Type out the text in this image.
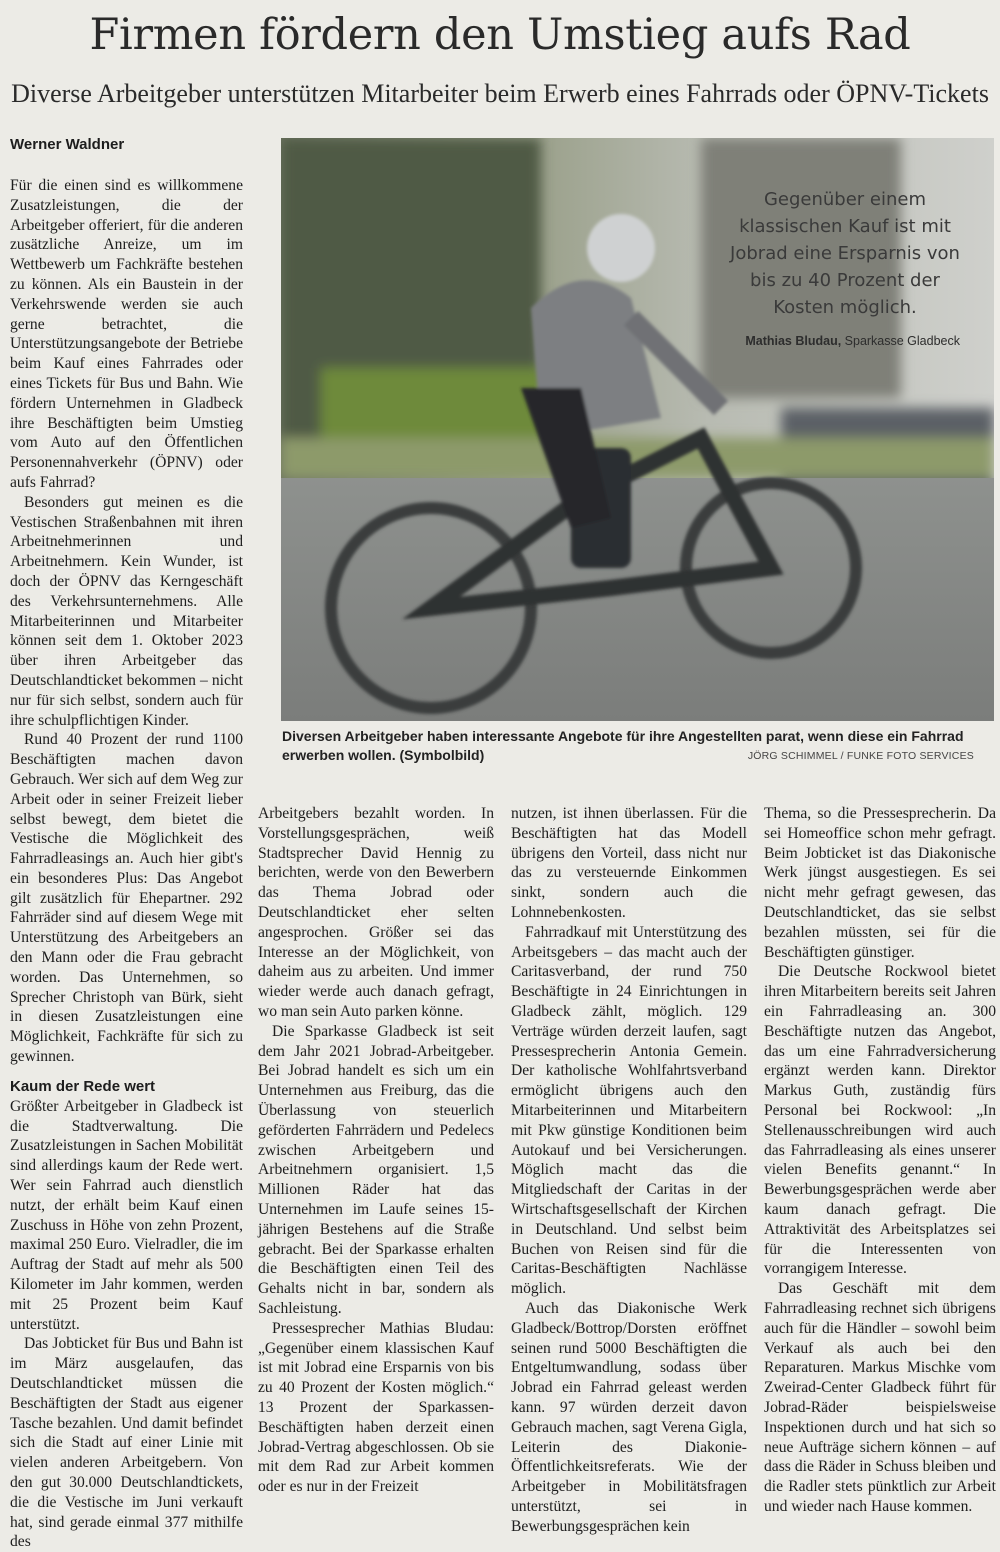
Firmen fördern den Umstieg aufs Rad
Diverse Arbeitgeber unterstützen Mitarbeiter beim Erwerb eines Fahrrads oder ÖPNV-Tickets
Werner Waldner

Für die einen sind es willkommene Zusatzleistungen, die der Arbeitgeber offeriert, für die anderen zusätzliche Anreize, um im Wettbewerb um Fachkräfte bestehen zu können. Als ein Baustein in der Verkehrswende werden sie auch gerne betrachtet, die Unterstützungsangebote der Betriebe beim Kauf eines Fahrrades oder eines Tickets für Bus und Bahn. Wie fördern Unternehmen in Gladbeck ihre Beschäftigten beim Umstieg vom Auto auf den Öffentlichen Personennahverkehr (ÖPNV) oder aufs Fahrrad?

Besonders gut meinen es die Vestischen Straßenbahnen mit ihren Arbeitnehmerinnen und Arbeitnehmern. Kein Wunder, ist doch der ÖPNV das Kerngeschäft des Verkehrsunternehmens. Alle Mitarbeiterinnen und Mitarbeiter können seit dem 1. Oktober 2023 über ihren Arbeitgeber das Deutschlandticket bekommen – nicht nur für sich selbst, sondern auch für ihre schulpflichtigen Kinder.

Rund 40 Prozent der rund 1100 Beschäftigten machen davon Gebrauch. Wer sich auf dem Weg zur Arbeit oder in seiner Freizeit lieber selbst bewegt, dem bietet die Vestische die Möglichkeit des Fahrradleasings an. Auch hier gibt's ein besonderes Plus: Das Angebot gilt zusätzlich für Ehepartner. 292 Fahrräder sind auf diesem Wege mit Unterstützung des Arbeitgebers an den Mann oder die Frau gebracht worden. Das Unternehmen, so Sprecher Christoph van Bürk, sieht in diesen Zusatzleistungen eine Möglichkeit, Fachkräfte für sich zu gewinnen.

Kaum der Rede wert

Größter Arbeitgeber in Gladbeck ist die Stadtverwaltung. Die Zusatzleistungen in Sachen Mobilität sind allerdings kaum der Rede wert. Wer sein Fahrrad auch dienstlich nutzt, der erhält beim Kauf einen Zuschuss in Höhe von zehn Prozent, maximal 250 Euro. Vielradler, die im Auftrag der Stadt auf mehr als 500 Kilometer im Jahr kommen, werden mit 25 Prozent beim Kauf unterstützt.

Das Jobticket für Bus und Bahn ist im März ausgelaufen, das Deutschlandticket müssen die Beschäftigten der Stadt aus eigener Tasche bezahlen. Und damit befindet sich die Stadt auf einer Linie mit vielen anderen Arbeitgebern. Von den gut 30.000 Deutschlandtickets, die die Vestische im Juni verkauft hat, sind gerade einmal 377 mithilfe des

Gegenüber einem klassischen Kauf ist mit Jobrad eine Ersparnis von bis zu 40 Prozent der Kosten möglich.
Mathias Bludau, Sparkasse Gladbeck
Diversen Arbeitgeber haben interessante Angebote für ihre Angestellten parat, wenn diese ein Fahrrad erwerben wollen. (Symbolbild)	JÖRG SCHIMMEL / FUNKE FOTO SERVICES

Arbeitgebers bezahlt worden. In Vorstellungsgesprächen, weiß Stadtsprecher David Hennig zu berichten, werde von den Bewerbern das Thema Jobrad oder Deutschlandticket eher selten angesprochen. Größer sei das Interesse an der Möglichkeit, von daheim aus zu arbeiten. Und immer wieder werde auch danach gefragt, wo man sein Auto parken könne.

Die Sparkasse Gladbeck ist seit dem Jahr 2021 Jobrad-Arbeitgeber. Bei Jobrad handelt es sich um ein Unternehmen aus Freiburg, das die Überlassung von steuerlich geförderten Fahrrädern und Pedelecs zwischen Arbeitgebern und Arbeitnehmern organisiert. 1,5 Millionen Räder hat das Unternehmen im Laufe seines 15-jährigen Bestehens auf die Straße gebracht. Bei der Sparkasse erhalten die Beschäftigten einen Teil des Gehalts nicht in bar, sondern als Sachleistung.

Pressesprecher Mathias Bludau: „Gegenüber einem klassischen Kauf ist mit Jobrad eine Ersparnis von bis zu 40 Prozent der Kosten möglich.“ 13 Prozent der Sparkassen-Beschäftigten haben derzeit einen Jobrad-Vertrag abgeschlossen. Ob sie mit dem Rad zur Arbeit kommen oder es nur in der Freizeit

nutzen, ist ihnen überlassen. Für die Beschäftigten hat das Modell übrigens den Vorteil, dass nicht nur das zu versteuernde Einkommen sinkt, sondern auch die Lohnnebenkosten.

Fahrradkauf mit Unterstützung des Arbeitsgebers – das macht auch der Caritasverband, der rund 750 Beschäftigte in 24 Einrichtungen in Gladbeck zählt, möglich. 129 Verträge würden derzeit laufen, sagt Pressesprecherin Antonia Gemein. Der katholische Wohlfahrtsverband ermöglicht übrigens auch den Mitarbeiterinnen und Mitarbeitern mit Pkw günstige Konditionen beim Autokauf und bei Versicherungen. Möglich macht das die Mitgliedschaft der Caritas in der Wirtschaftsgesellschaft der Kirchen in Deutschland. Und selbst beim Buchen von Reisen sind für die Caritas-Beschäftigten Nachlässe möglich.

Auch das Diakonische Werk Gladbeck/Bottrop/Dorsten eröffnet seinen rund 5000 Beschäftigten die Entgeltumwandlung, sodass über Jobrad ein Fahrrad geleast werden kann. 97 würden derzeit davon Gebrauch machen, sagt Verena Gigla, Leiterin des Diakonie-Öffentlichkeitsreferats. Wie der Arbeitgeber in Mobilitätsfragen unterstützt, sei in Bewerbungsgesprächen kein

Thema, so die Pressesprecherin. Da sei Homeoffice schon mehr gefragt. Beim Jobticket ist das Diakonische Werk jüngst ausgestiegen. Es sei nicht mehr gefragt gewesen, das Deutschlandticket, das sie selbst bezahlen müssten, sei für die Beschäftigten günstiger.

Die Deutsche Rockwool bietet ihren Mitarbeitern bereits seit Jahren ein Fahrradleasing an. 300 Beschäftigte nutzen das Angebot, das um eine Fahrradversicherung ergänzt werden kann. Direktor Markus Guth, zuständig fürs Personal bei Rockwool: „In Stellenausschreibungen wird auch das Fahrradleasing als eines unserer vielen Benefits genannt.“ In Bewerbungsgesprächen werde aber kaum danach gefragt. Die Attraktivität des Arbeitsplatzes sei für die Interessenten von vorrangigem Interesse.

Das Geschäft mit dem Fahrradleasing rechnet sich übrigens auch für die Händler – sowohl beim Verkauf als auch bei den Reparaturen. Markus Mischke vom Zweirad-Center Gladbeck führt für Jobrad-Räder beispielsweise Inspektionen durch und hat sich so neue Aufträge sichern können – auf dass die Räder in Schuss bleiben und die Radler stets pünktlich zur Arbeit und wieder nach Hause kommen.
